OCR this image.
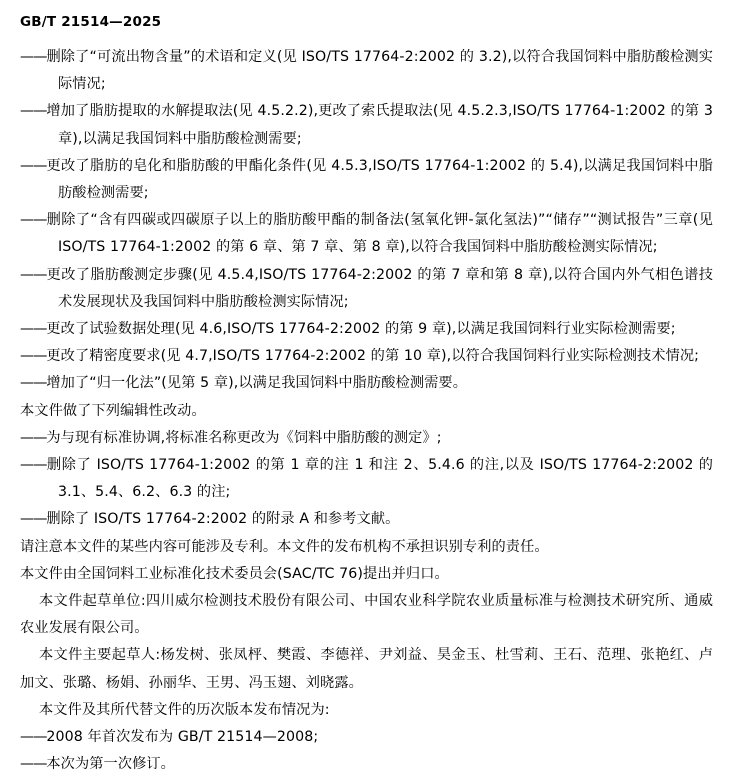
GB/T 21514—2025

——删除了“可流出物含量”的术语和定义(见 ISO/TS 17764-2:2002 的 3.2),以符合我国饲料中脂肪酸检测实际情况;

——增加了脂肪提取的水解提取法(见 4.5.2.2),更改了索氏提取法(见 4.5.2.3,ISO/TS 17764-1:2002 的第 3 章),以满足我国饲料中脂肪酸检测需要;

——更改了脂肪的皂化和脂肪酸的甲酯化条件(见 4.5.3,ISO/TS 17764-1:2002 的 5.4),以满足我国饲料中脂肪酸检测需要;

——删除了“含有四碳或四碳原子以上的脂肪酸甲酯的制备法(氢氧化钾-氯化氢法)”“储存”“测试报告”三章(见 ISO/TS 17764-1:2002 的第 6 章、第 7 章、第 8 章),以符合我国饲料中脂肪酸检测实际情况;

——更改了脂肪酸测定步骤(见 4.5.4,ISO/TS 17764-2:2002 的第 7 章和第 8 章),以符合国内外气相色谱技术发展现状及我国饲料中脂肪酸检测实际情况;

——更改了试验数据处理(见 4.6,ISO/TS 17764-2:2002 的第 9 章),以满足我国饲料行业实际检测需要;

——更改了精密度要求(见 4.7,ISO/TS 17764-2:2002 的第 10 章),以符合我国饲料行业实际检测技术情况;

——增加了“归一化法”(见第 5 章),以满足我国饲料中脂肪酸检测需要。

本文件做了下列编辑性改动。

——为与现有标准协调,将标准名称更改为《饲料中脂肪酸的测定》;

——删除了 ISO/TS 17764-1:2002 的第 1 章的注 1 和注 2、5.4.6 的注,以及 ISO/TS 17764-2:2002 的 3.1、5.4、6.2、6.3 的注;

——删除了 ISO/TS 17764-2:2002 的附录 A 和参考文献。

请注意本文件的某些内容可能涉及专利。本文件的发布机构不承担识别专利的责任。

本文件由全国饲料工业标准化技术委员会(SAC/TC 76)提出并归口。

本文件起草单位:四川威尔检测技术股份有限公司、中国农业科学院农业质量标准与检测技术研究所、通威农业发展有限公司。

本文件主要起草人:杨发树、张凤枰、樊霞、李德祥、尹刘益、昊金玉、杜雪莉、王石、范理、张艳红、卢加文、张璐、杨娟、孙丽华、王男、冯玉翅、刘晓露。

本文件及其所代替文件的历次版本发布情况为:

——2008 年首次发布为 GB/T 21514—2008;

——本次为第一次修订。
